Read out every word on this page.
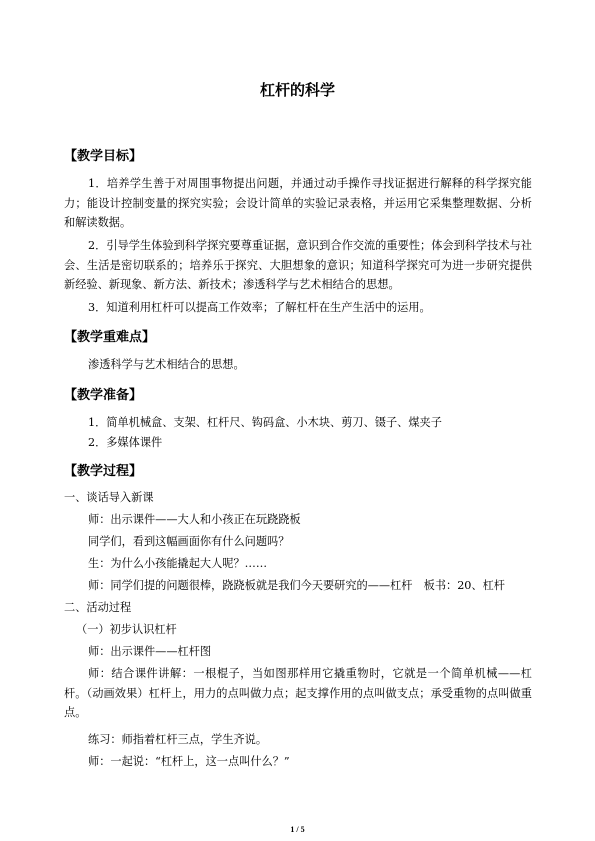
杠杆的科学
【教学目标】

1．培养学生善于对周围事物提出问题，并通过动手操作寻找证据进行解释的科学探究能力；能设计控制变量的探究实验；会设计简单的实验记录表格，并运用它采集整理数据、分析和解读数据。

2．引导学生体验到科学探究要尊重证据，意识到合作交流的重要性；体会到科学技术与社会、生活是密切联系的；培养乐于探究、大胆想象的意识；知道科学探究可为进一步研究提供新经验、新现象、新方法、新技术；渗透科学与艺术相结合的思想。

3．知道利用杠杆可以提高工作效率；了解杠杆在生产生活中的运用。

【教学重难点】

渗透科学与艺术相结合的思想。

【教学准备】

1．简单机械盒、支架、杠杆尺、钩码盒、小木块、剪刀、镊子、煤夹子

2．多媒体课件

【教学过程】
一、谈话导入新课
师：出示课件——大人和小孩正在玩跷跷板
同学们，看到这幅画面你有什么问题吗？
生：为什么小孩能撬起大人呢？……
师：同学们提的问题很棒，跷跷板就是我们今天要研究的——杠杆　板书：20、杠杆
二、活动过程
（一）初步认识杠杆
师：出示课件——杠杆图

师：结合课件讲解：一根棍子，当如图那样用它撬重物时，它就是一个简单机械——杠杆。（动画效果）杠杆上，用力的点叫做力点；起支撑作用的点叫做支点；承受重物的点叫做重点。

练习：师指着杠杆三点，学生齐说。
师：一起说：“杠杆上，这一点叫什么？”
1 / 5
